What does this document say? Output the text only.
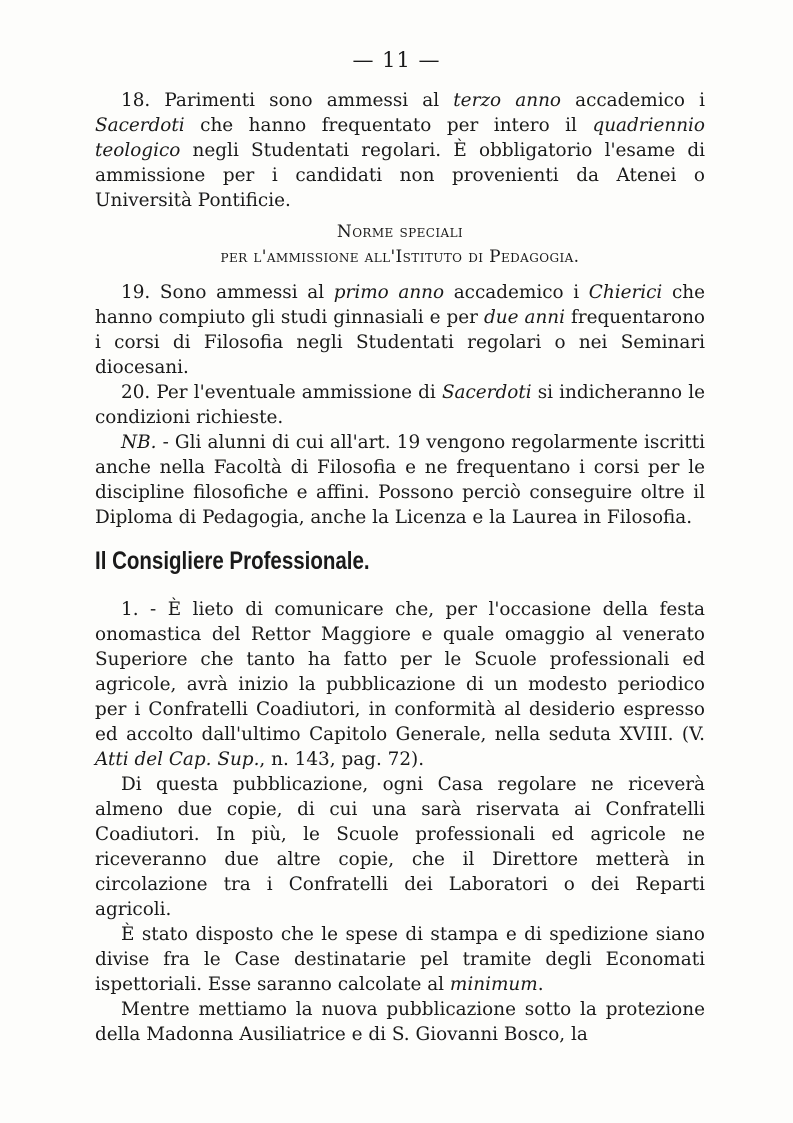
— 11 —

18. Parimenti sono ammessi al terzo anno accademico i Sacerdoti che hanno frequentato per intero il quadriennio teologico negli Studentati regolari. È obbligatorio l'esame di ammissione per i candidati non provenienti da Atenei o Università Pontificie.

Norme speciali
per l'ammissione all'Istituto di Pedagogia.

19. Sono ammessi al primo anno accademico i Chierici che hanno compiuto gli studi ginnasiali e per due anni frequentarono i corsi di Filosofia negli Studentati regolari o nei Seminari diocesani.

20. Per l'eventuale ammissione di Sacerdoti si indicheranno le condizioni richieste.

NB. - Gli alunni di cui all'art. 19 vengono regolarmente iscritti anche nella Facoltà di Filosofia e ne frequentano i corsi per le discipline filosofiche e affini. Possono perciò conseguire oltre il Diploma di Pedagogia, anche la Licenza e la Laurea in Filosofia.

Il Consigliere Professionale.

1. - È lieto di comunicare che, per l'occasione della festa onomastica del Rettor Maggiore e quale omaggio al venerato Superiore che tanto ha fatto per le Scuole professionali ed agricole, avrà inizio la pubblicazione di un modesto periodico per i Confratelli Coadiutori, in conformità al desiderio espresso ed accolto dall'ultimo Capitolo Generale, nella seduta XVIII. (V. Atti del Cap. Sup., n. 143, pag. 72).

Di questa pubblicazione, ogni Casa regolare ne riceverà almeno due copie, di cui una sarà riservata ai Confratelli Coadiutori. In più, le Scuole professionali ed agricole ne riceveranno due altre copie, che il Direttore metterà in circolazione tra i Confratelli dei Laboratori o dei Reparti agricoli.

È stato disposto che le spese di stampa e di spedizione siano divise fra le Case destinatarie pel tramite degli Economati ispettoriali. Esse saranno calcolate al minimum.

Mentre mettiamo la nuova pubblicazione sotto la protezione della Madonna Ausiliatrice e di S. Giovanni Bosco, la
